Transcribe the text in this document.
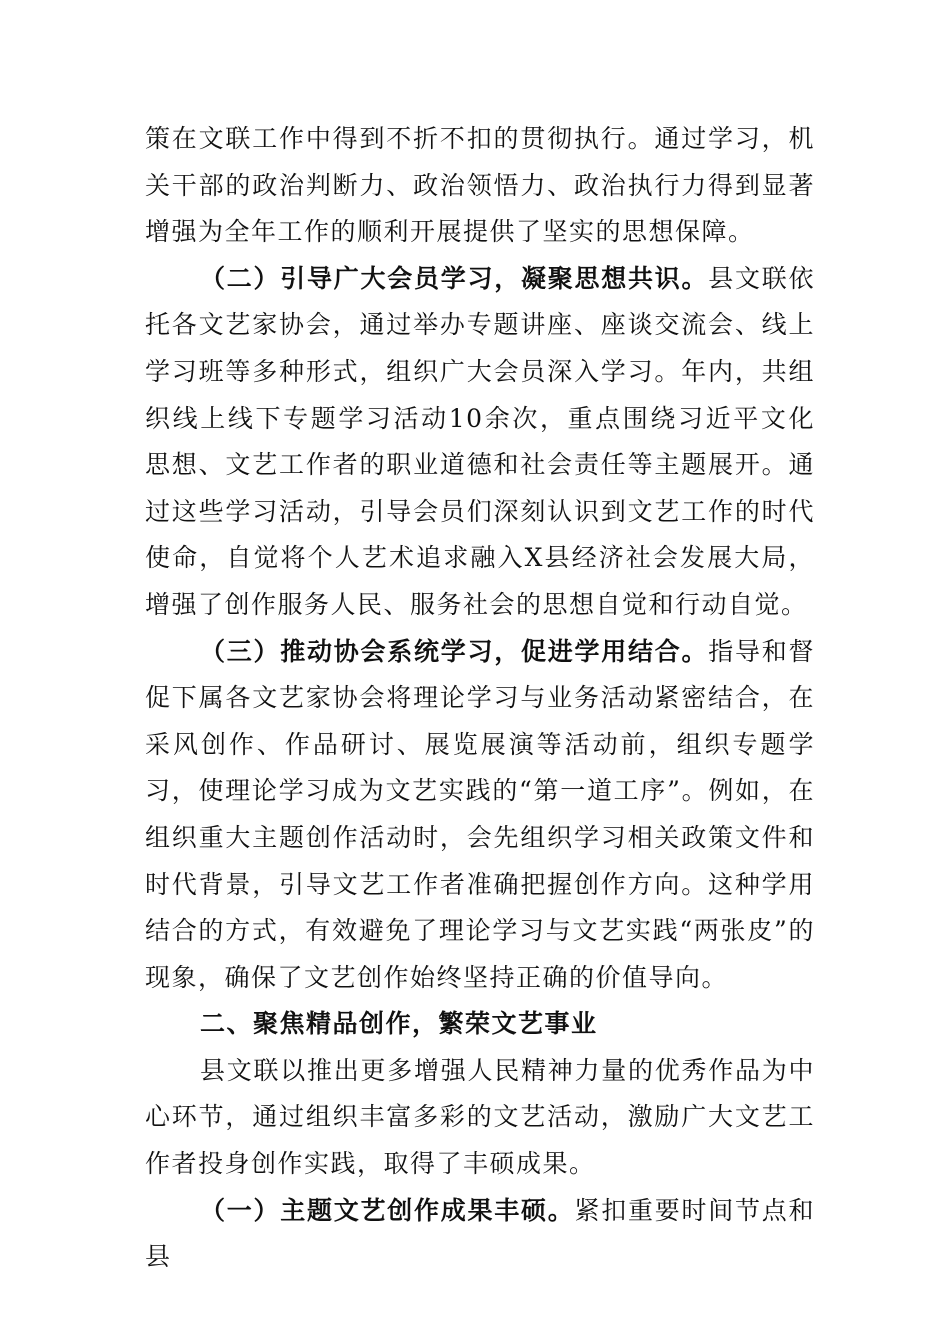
策在文联工作中得到不折不扣的贯彻执行。通过学习，机关干部的政治判断力、政治领悟力、政治执行力得到显著增强为全年工作的顺利开展提供了坚实的思想保障。

（二）引导广大会员学习，凝聚思想共识。县文联依托各文艺家协会，通过举办专题讲座、座谈交流会、线上学习班等多种形式，组织广大会员深入学习。年内，共组织线上线下专题学习活动10余次，重点围绕习近平文化思想、文艺工作者的职业道德和社会责任等主题展开。通过这些学习活动，引导会员们深刻认识到文艺工作的时代使命，自觉将个人艺术追求融入X县经济社会发展大局，增强了创作服务人民、服务社会的思想自觉和行动自觉。

（三）推动协会系统学习，促进学用结合。指导和督促下属各文艺家协会将理论学习与业务活动紧密结合，在采风创作、作品研讨、展览展演等活动前，组织专题学习，使理论学习成为文艺实践的“第一道工序”。例如，在组织重大主题创作活动时，会先组织学习相关政策文件和时代背景，引导文艺工作者准确把握创作方向。这种学用结合的方式，有效避免了理论学习与文艺实践“两张皮”的现象，确保了文艺创作始终坚持正确的价值导向。

二、聚焦精品创作，繁荣文艺事业

县文联以推出更多增强人民精神力量的优秀作品为中心环节，通过组织丰富多彩的文艺活动，激励广大文艺工作者投身创作实践，取得了丰硕成果。

（一）主题文艺创作成果丰硕。紧扣重要时间节点和县
